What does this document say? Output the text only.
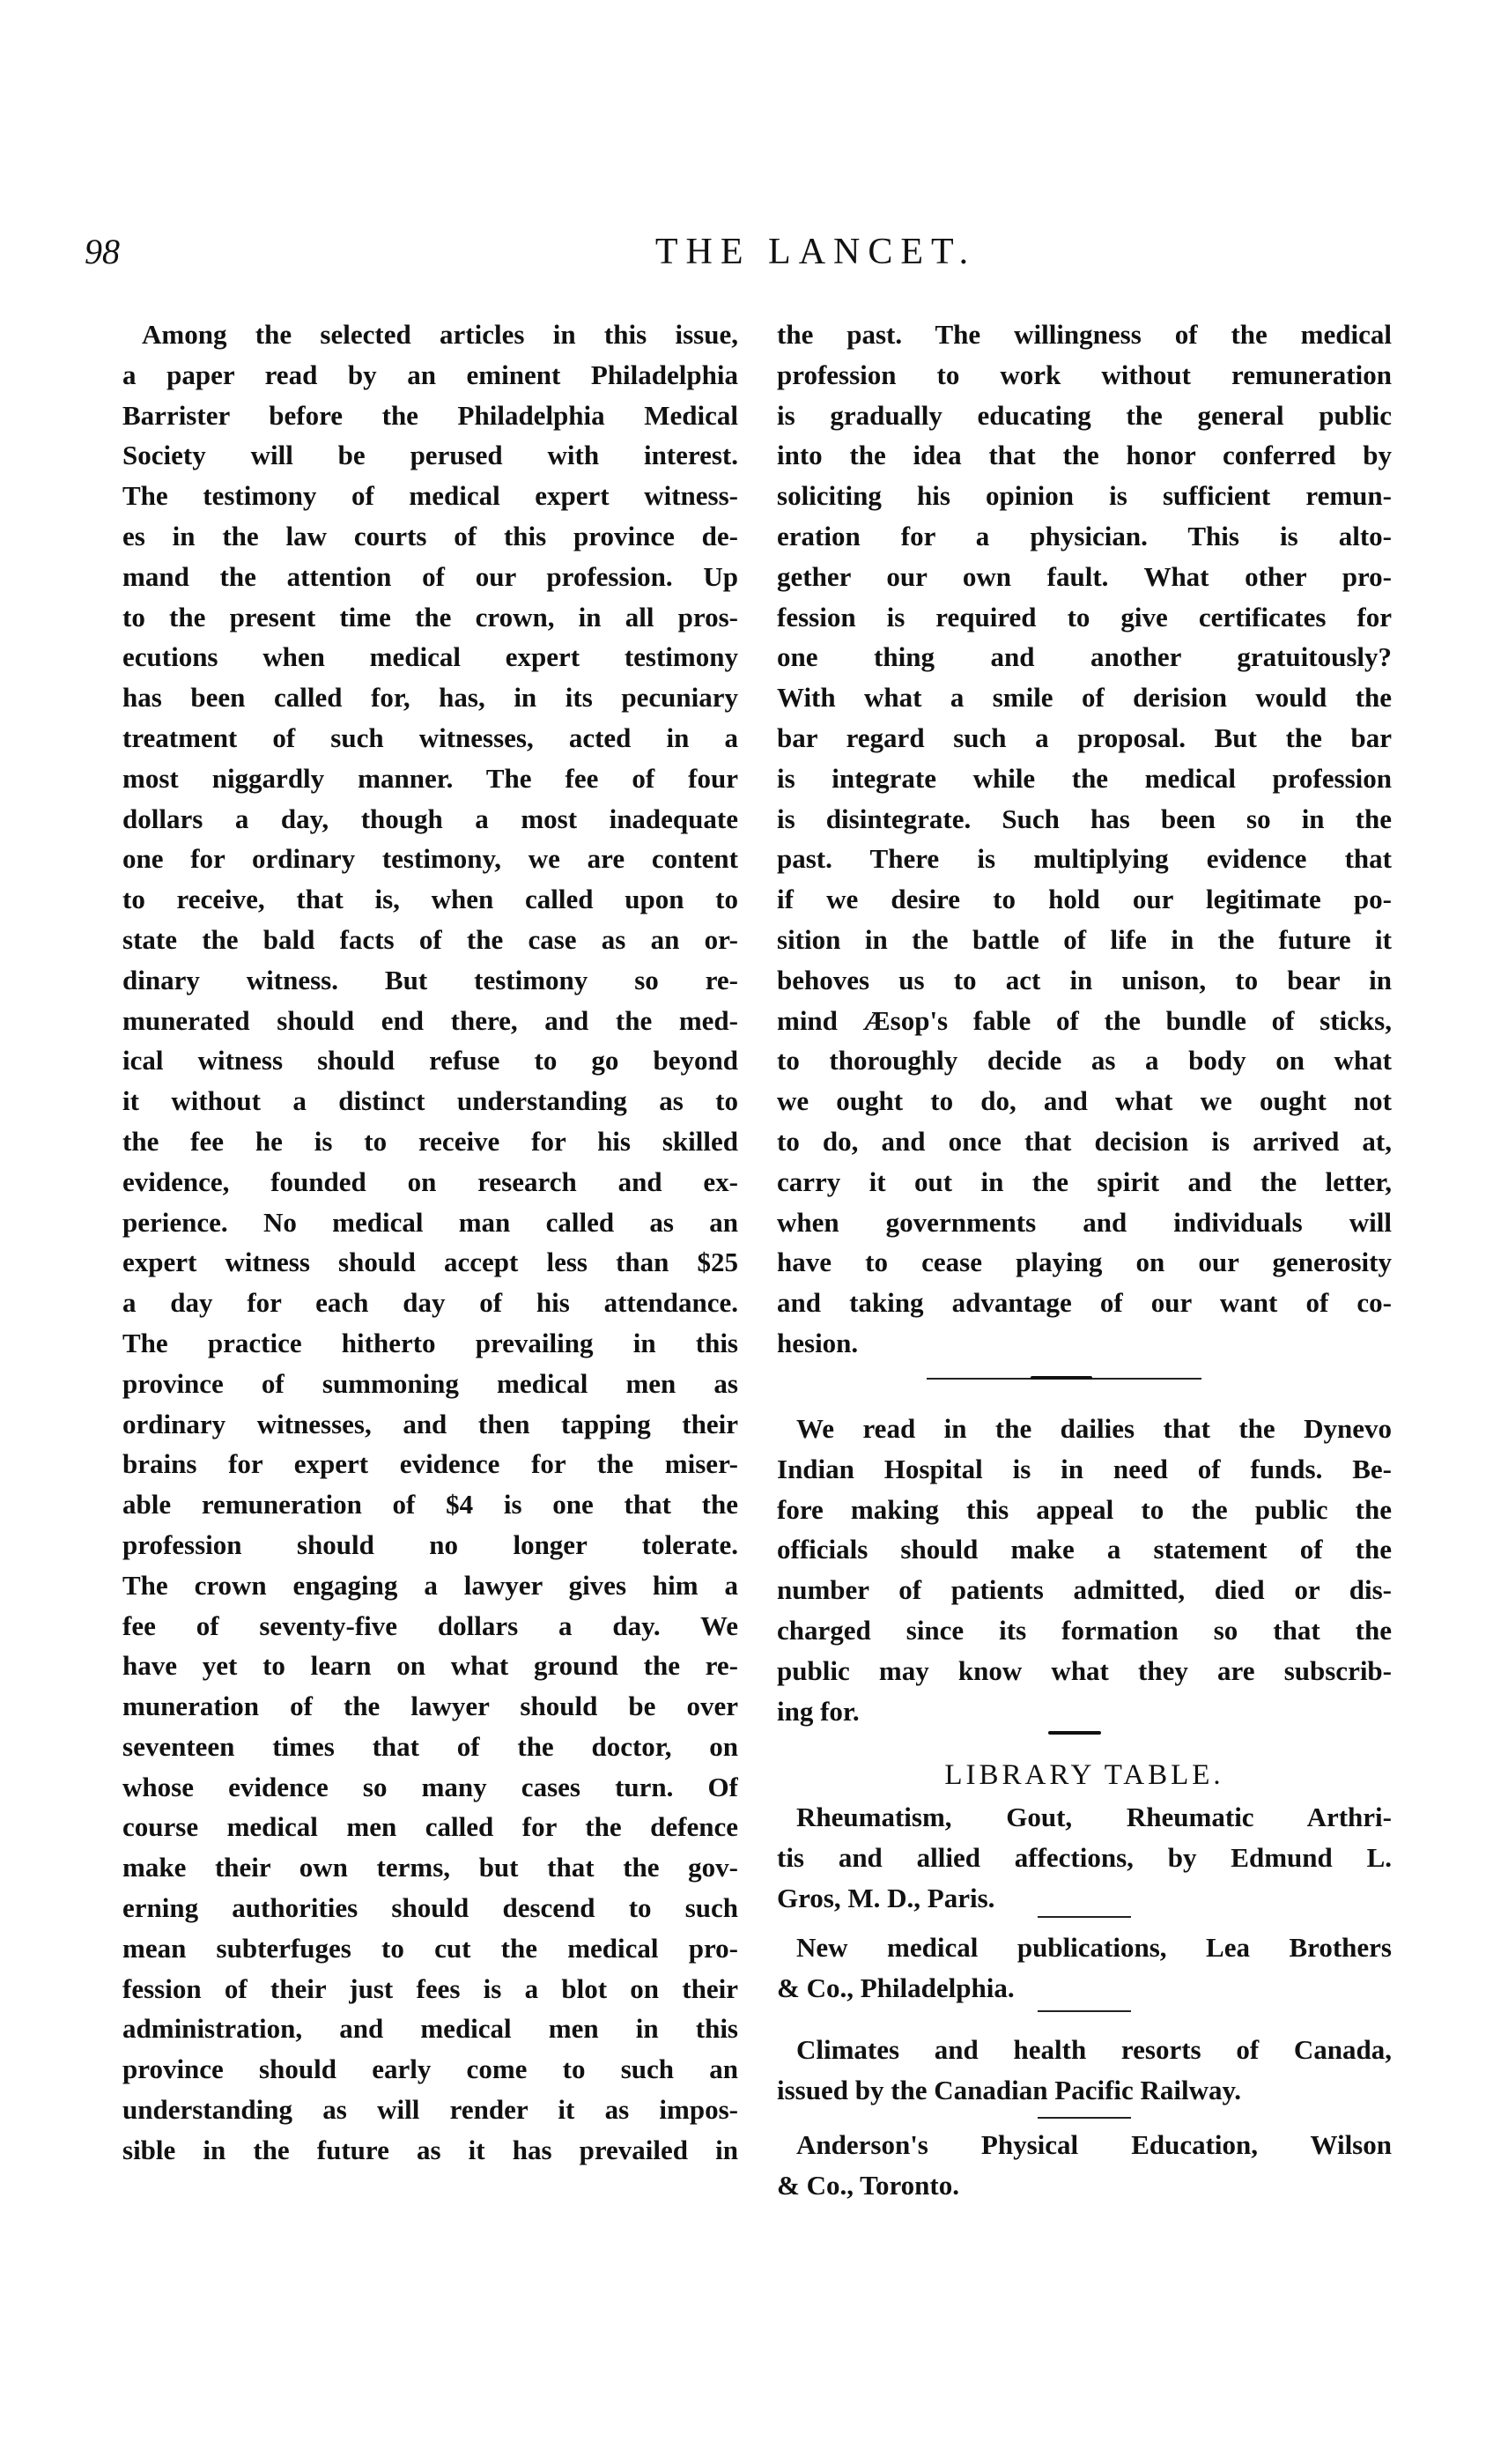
98	THE LANCET.
Among the selected articles in this issue,
a paper read by an eminent Philadelphia
Barrister before the Philadelphia Medical
Society will be perused with interest.
The testimony of medical expert witness-
es in the law courts of this province de-
mand the attention of our profession. Up
to the present time the crown, in all pros-
ecutions when medical expert testimony
has been called for, has, in its pecuniary
treatment of such witnesses, acted in a
most niggardly manner. The fee of four
dollars a day, though a most inadequate
one for ordinary testimony, we are content
to receive, that is, when called upon to
state the bald facts of the case as an or-
dinary witness. But testimony so re-
munerated should end there, and the med-
ical witness should refuse to go beyond
it without a distinct understanding as to
the fee he is to receive for his skilled
evidence, founded on research and ex-
perience. No medical man called as an
expert witness should accept less than $25
a day for each day of his attendance.
The practice hitherto prevailing in this
province of summoning medical men as
ordinary witnesses, and then tapping their
brains for expert evidence for the miser-
able remuneration of $4 is one that the
profession should no longer tolerate.
The crown engaging a lawyer gives him a
fee of seventy-five dollars a day. We
have yet to learn on what ground the re-
muneration of the lawyer should be over
seventeen times that of the doctor, on
whose evidence so many cases turn. Of
course medical men called for the defence
make their own terms, but that the gov-
erning authorities should descend to such
mean subterfuges to cut the medical pro-
fession of their just fees is a blot on their
administration, and medical men in this
province should early come to such an
understanding as will render it as impos-
sible in the future as it has prevailed in
the past. The willingness of the medical
profession to work without remuneration
is gradually educating the general public
into the idea that the honor conferred by
soliciting his opinion is sufficient remun-
eration for a physician. This is alto-
gether our own fault. What other pro-
fession is required to give certificates for
one thing and another gratuitously?
With what a smile of derision would the
bar regard such a proposal. But the bar
is integrate while the medical profession
is disintegrate. Such has been so in the
past. There is multiplying evidence that
if we desire to hold our legitimate po-
sition in the battle of life in the future it
behoves us to act in unison, to bear in
mind Æsop's fable of the bundle of sticks,
to thoroughly decide as a body on what
we ought to do, and what we ought not
to do, and once that decision is arrived at,
carry it out in the spirit and the letter,
when governments and individuals will
have to cease playing on our generosity
and taking advantage of our want of co-
hesion.
We read in the dailies that the Dynevo
Indian Hospital is in need of funds. Be-
fore making this appeal to the public the
officials should make a statement of the
number of patients admitted, died or dis-
charged since its formation so that the
public may know what they are subscrib-
ing for.
LIBRARY TABLE.
Rheumatism, Gout, Rheumatic Arthri-
tis and allied affections, by Edmund L.
Gros, M. D., Paris.
New medical publications, Lea Brothers
& Co., Philadelphia.
Climates and health resorts of Canada,
issued by the Canadian Pacific Railway.
Anderson's Physical Education, Wilson
& Co., Toronto.
